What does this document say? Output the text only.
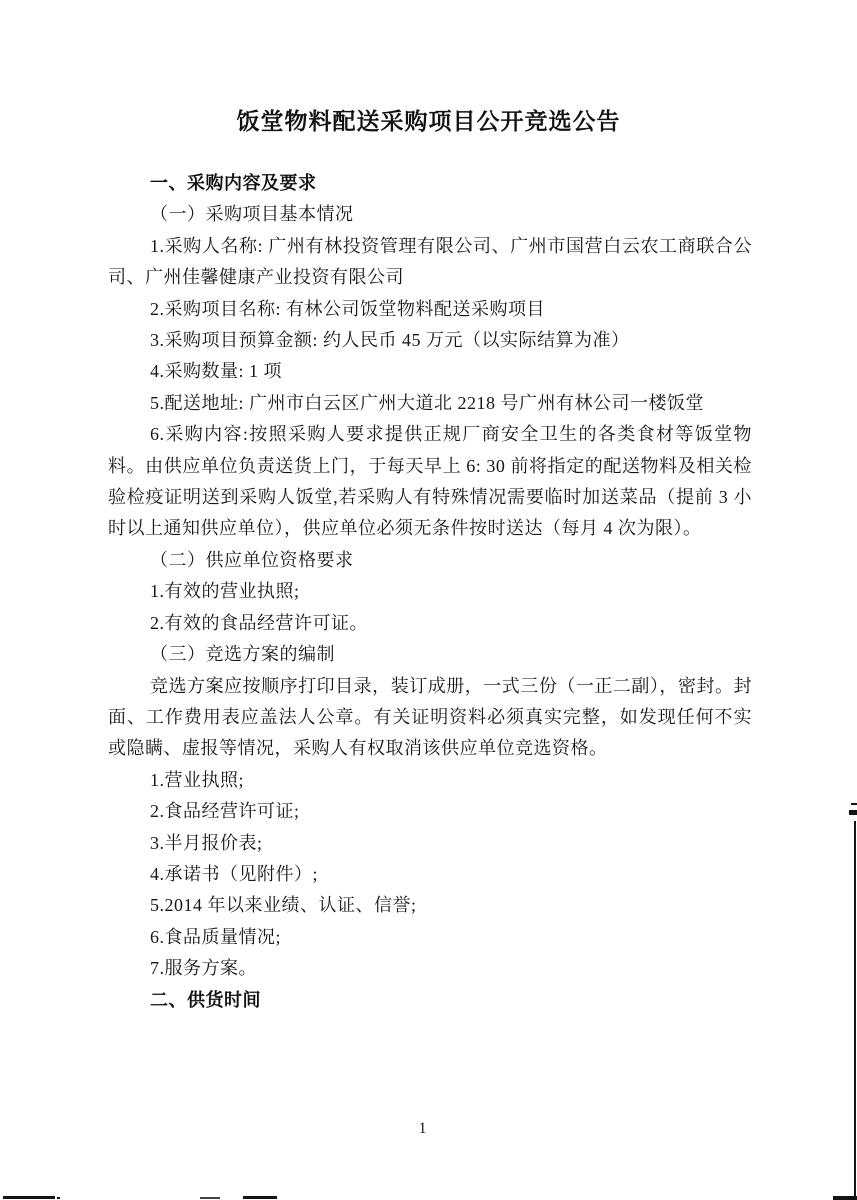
饭堂物料配送采购项目公开竞选公告

一、采购内容及要求

（一）采购项目基本情况

1.采购人名称: 广州有林投资管理有限公司、广州市国营白云农工商联合公司、广州佳馨健康产业投资有限公司

2.采购项目名称: 有林公司饭堂物料配送采购项目

3.采购项目预算金额: 约人民币 45 万元（以实际结算为准）

4.采购数量: 1 项

5.配送地址: 广州市白云区广州大道北 2218 号广州有林公司一楼饭堂

6.采购内容:按照采购人要求提供正规厂商安全卫生的各类食材等饭堂物料。由供应单位负责送货上门，于每天早上 6: 30 前将指定的配送物料及相关检验检疫证明送到采购人饭堂,若采购人有特殊情况需要临时加送菜品（提前 3 小时以上通知供应单位），供应单位必须无条件按时送达（每月 4 次为限）。

（二）供应单位资格要求

1.有效的营业执照;

2.有效的食品经营许可证。

（三）竞选方案的编制

竞选方案应按顺序打印目录，装订成册，一式三份（一正二副），密封。封面、工作费用表应盖法人公章。有关证明资料必须真实完整，如发现任何不实或隐瞒、虚报等情况，采购人有权取消该供应单位竞选资格。

1.营业执照;

2.食品经营许可证;

3.半月报价表;

4.承诺书（见附件）;

5.2014 年以来业绩、认证、信誉;

6.食品质量情况;

7.服务方案。

二、供货时间

1
